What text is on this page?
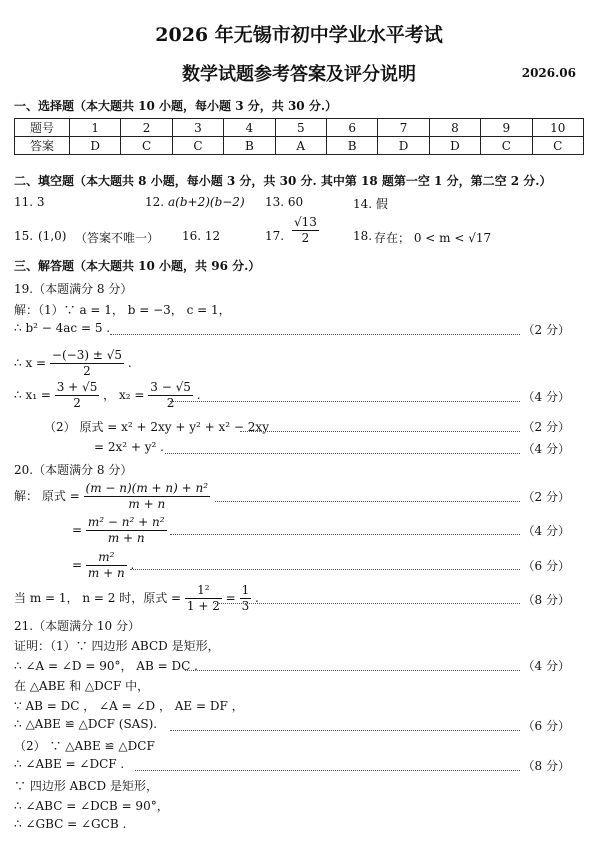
2026 年无锡市初中学业水平考试
数学试题参考答案及评分说明	2026.06
一、选择题（本大题共 10 小题，每小题 3 分，共 30 分.）
题号	1	2	3	4	5	6	7	8	9	10
答案	D	C	C	B	A	B	D	D	C	C
二、填空题（本大题共 8 小题，每小题 3 分，共 30 分. 其中第 18 题第一空 1 分，第二空 2 分.）
11. 3	12. a(b+2)(b−2) 13. 60	14. 假
15. (1,0) （答案不唯一） 16. 12	17. $\frac{√13}{2}$	18. 存在； 0 < m < √17
三、解答题（本大题共 10 小题，共 96 分.）
19.（本题满分 8 分）
解：（1）∵ a = 1， b = −3， c = 1，
∴ b² − 4ac = 5 .	（2 分）
∴ $x = \frac{-(-3) \pm √5}{2}$ .
∴ $x_1 = \frac{3 + √5}{2}$ ， $x_2 = \frac{3 - √5}{2}$ .	（4 分）
（2） 原式 = x² + 2xy + y² + x² − 2xy	（2 分）
= 2x² + y² .	（4 分）
20.（本题满分 8 分）
解： 原式 = $\frac{\text{(m − n)(m + n) + n²}}{m + n}$	（2 分）
= $\frac{\text{m² − n² + n²}}{m + n}$	（4 分）
= $\frac{\text{m²}}{m + n}$ .	（6 分）
当 m = 1， n = 2 时，原式 = $\frac{\text{1²}}{1 + 2} = \frac{1}{3}$ .	（8 分）
21.（本题满分 10 分）
证明：（1）∵ 四边形 ABCD 是矩形，
∴ ∠A = ∠D = 90°， AB = DC .	（4 分）
在 △ABE 和 △DCF 中，
∵ AB = DC ， ∠A = ∠D ， AE = DF ，
∴ △ABE ≌ △DCF (SAS).	（6 分）
（2） ∵ △ABE ≌ △DCF
∴ ∠ABE = ∠DCF .	（8 分）
∵ 四边形 ABCD 是矩形，
∴ ∠ABC = ∠DCB = 90°，
∴ ∠GBC = ∠GCB .
